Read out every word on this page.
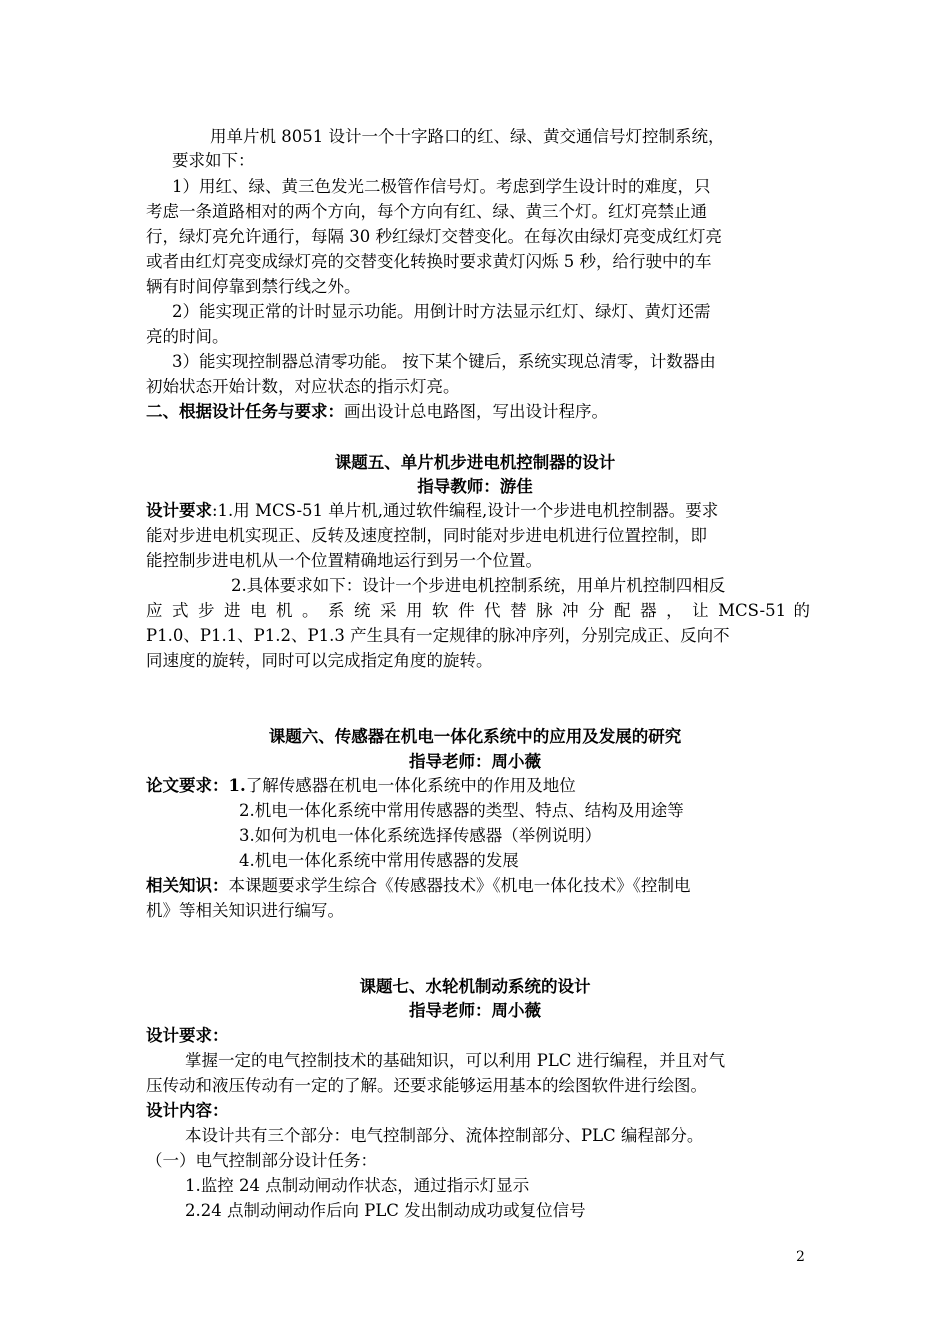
用单片机 8051 设计一个十字路口的红、绿、黄交通信号灯控制系统，
要求如下：
1）用红、绿、黄三色发光二极管作信号灯。考虑到学生设计时的难度，只
考虑一条道路相对的两个方向，每个方向有红、绿、黄三个灯。红灯亮禁止通
行，绿灯亮允许通行，每隔 30 秒红绿灯交替变化。在每次由绿灯亮变成红灯亮
或者由红灯亮变成绿灯亮的交替变化转换时要求黄灯闪烁 5 秒，给行驶中的车
辆有时间停靠到禁行线之外。
2）能实现正常的计时显示功能。用倒计时方法显示红灯、绿灯、黄灯还需
亮的时间。
3）能实现控制器总清零功能。 按下某个键后，系统实现总清零，计数器由
初始状态开始计数，对应状态的指示灯亮。
二、根据设计任务与要求：画出设计总电路图，写出设计程序。
课题五、单片机步进电机控制器的设计
指导教师：游佳
设计要求:1.用 MCS-51 单片机,通过软件编程,设计一个步进电机控制器。要求
能对步进电机实现正、反转及速度控制，同时能对步进电机进行位置控制，即
能控制步进电机从一个位置精确地运行到另一个位置。
2.具体要求如下：设计一个步进电机控制系统，用单片机控制四相反
应 式 步 进 电 机 。 系 统 采 用 软 件 代 替 脉 冲 分 配 器 ， 让 MCS-51 的
P1.0、P1.1、P1.2、P1.3 产生具有一定规律的脉冲序列，分别完成正、反向不
同速度的旋转，同时可以完成指定角度的旋转。
课题六、传感器在机电一体化系统中的应用及发展的研究
指导老师：周小薇
论文要求：1.了解传感器在机电一体化系统中的作用及地位
2.机电一体化系统中常用传感器的类型、特点、结构及用途等
3.如何为机电一体化系统选择传感器（举例说明）
4.机电一体化系统中常用传感器的发展
相关知识：本课题要求学生综合《传感器技术》《机电一体化技术》《控制电
机》等相关知识进行编写。
课题七、水轮机制动系统的设计
指导老师：周小薇
设计要求：
掌握一定的电气控制技术的基础知识，可以利用 PLC 进行编程，并且对气
压传动和液压传动有一定的了解。还要求能够运用基本的绘图软件进行绘图。
设计内容：
本设计共有三个部分：电气控制部分、流体控制部分、PLC 编程部分。
（一）电气控制部分设计任务：
1.监控 24 点制动闸动作状态，通过指示灯显示
2.24 点制动闸动作后向 PLC 发出制动成功或复位信号
2
